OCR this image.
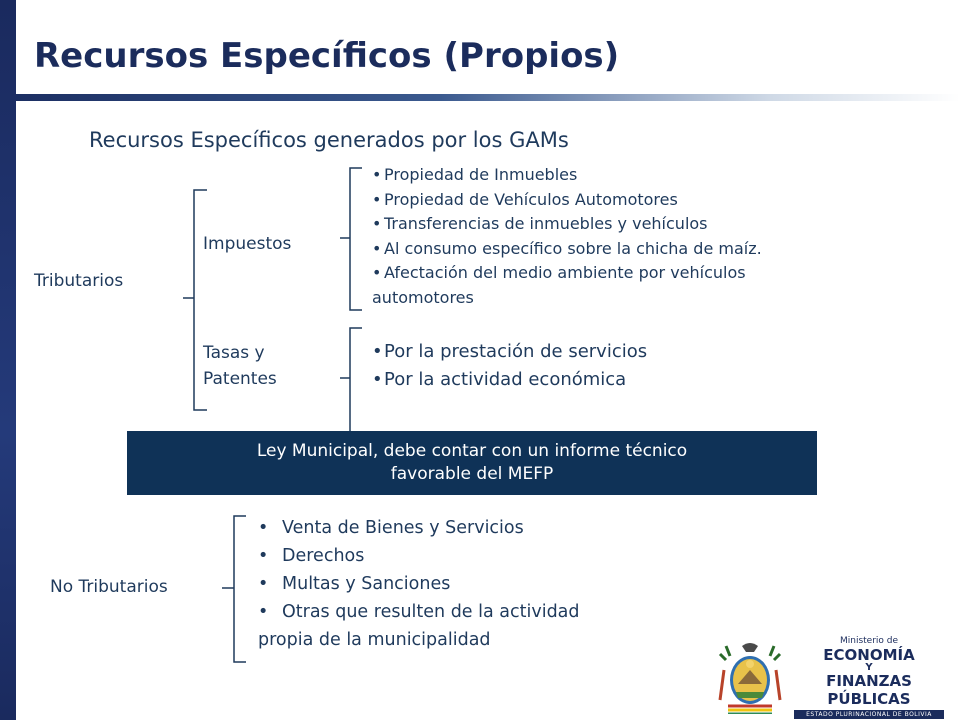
Recursos Específicos (Propios)
Recursos Específicos generados por los GAMs
Tributarios
Impuestos
Tasas y
Patentes
• Propiedad de Inmuebles
• Propiedad de Vehículos Automotores
• Transferencias de inmuebles y vehículos
• Al consumo específico sobre la chicha de maíz.
• Afectación del medio ambiente por vehículos
automotores
• Por la prestación de servicios
• Por la actividad económica
Ley Municipal, debe contar con un informe técnico
favorable del MEFP
No Tributarios
• Venta de Bienes y Servicios
• Derechos
• Multas y Sanciones
• Otras que resulten de la actividad
propia de la municipalidad	Ministerio de
ECONOMÍA
Y
FINANZAS PÚBLICAS
ESTADO PLURINACIONAL DE BOLIVIA
